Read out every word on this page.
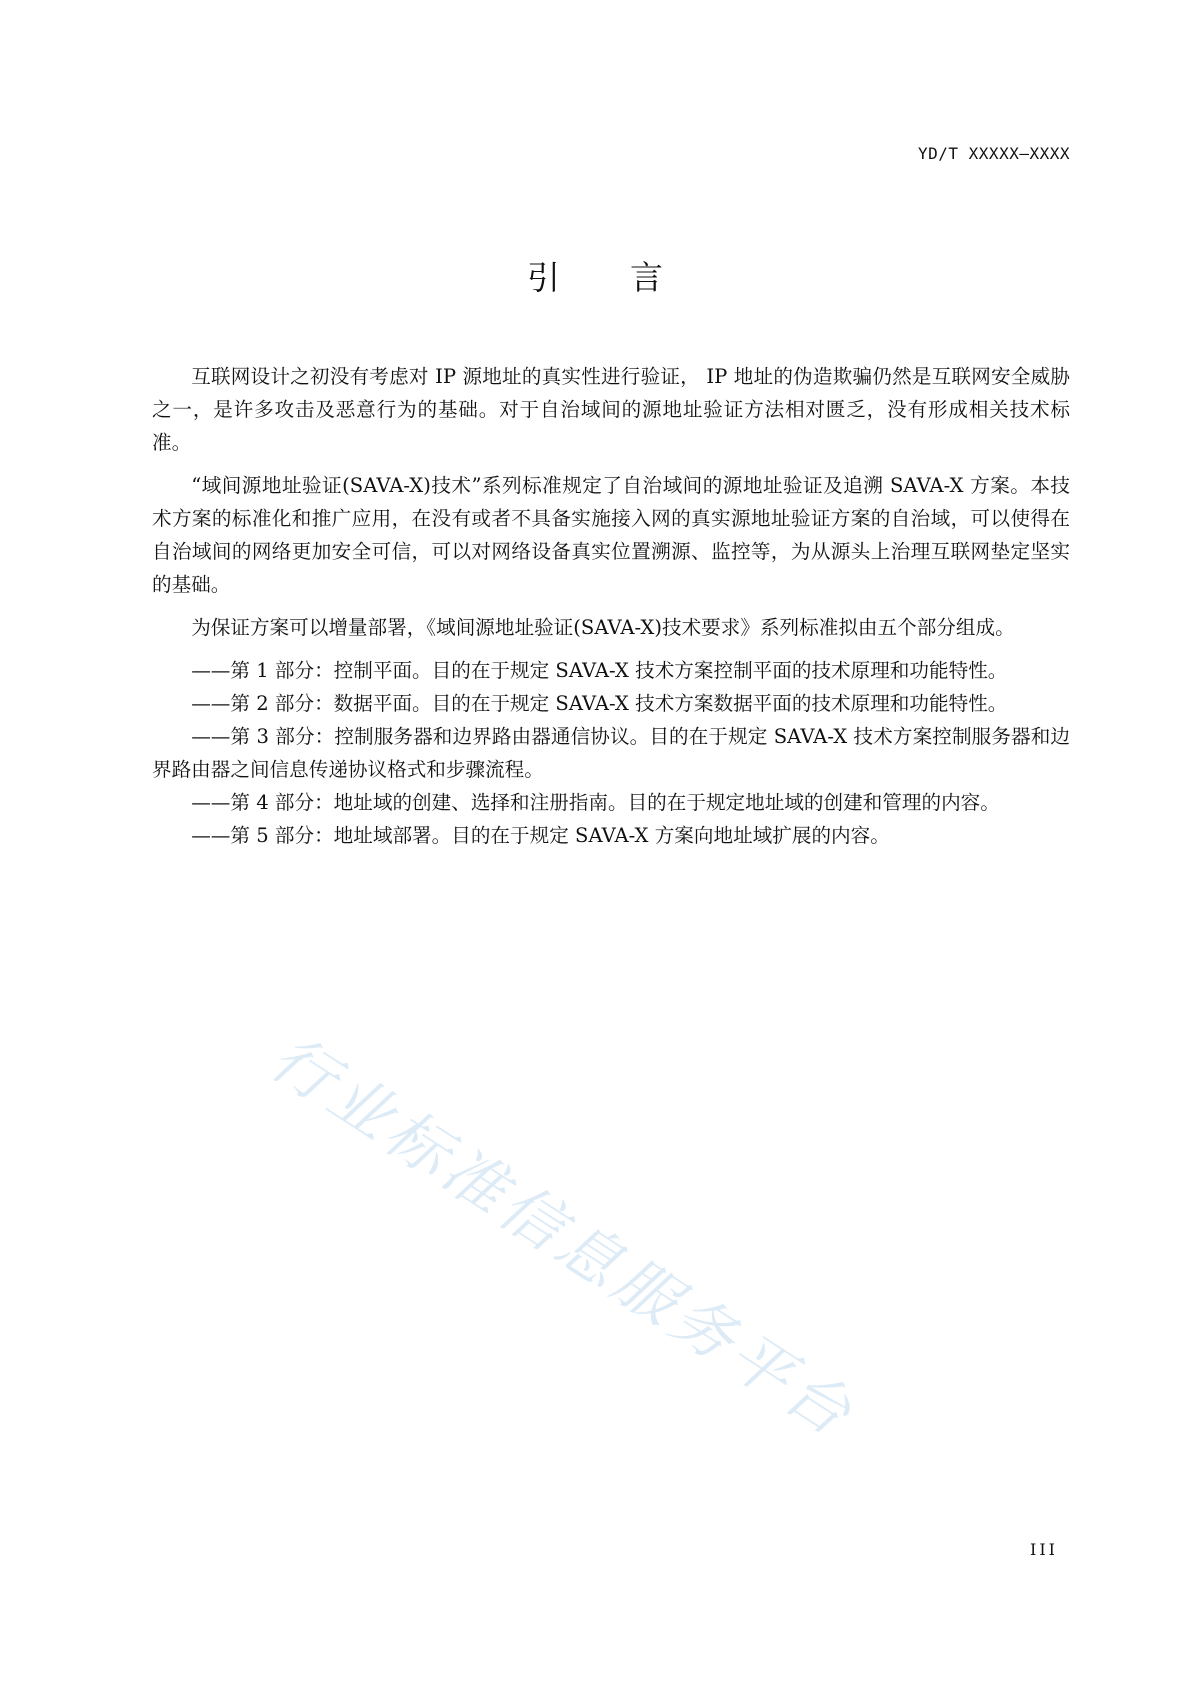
YD/T XXXXX—XXXX
引 言

互联网设计之初没有考虑对 IP 源地址的真实性进行验证， IP 地址的伪造欺骗仍然是互联网安全威胁之一，是许多攻击及恶意行为的基础。对于自治域间的源地址验证方法相对匮乏，没有形成相关技术标准。

“域间源地址验证(SAVA-X)技术”系列标准规定了自治域间的源地址验证及追溯 SAVA-X 方案。本技术方案的标准化和推广应用，在没有或者不具备实施接入网的真实源地址验证方案的自治域，可以使得在自治域间的网络更加安全可信，可以对网络设备真实位置溯源、监控等，为从源头上治理互联网垫定坚实的基础。

为保证方案可以增量部署，《域间源地址验证(SAVA-X)技术要求》系列标准拟由五个部分组成。

——第 1 部分：控制平面。目的在于规定 SAVA-X 技术方案控制平面的技术原理和功能特性。

——第 2 部分：数据平面。目的在于规定 SAVA-X 技术方案数据平面的技术原理和功能特性。

——第 3 部分：控制服务器和边界路由器通信协议。目的在于规定 SAVA-X 技术方案控制服务器和边界路由器之间信息传递协议格式和步骤流程。

——第 4 部分：地址域的创建、选择和注册指南。目的在于规定地址域的创建和管理的内容。

——第 5 部分：地址域部署。目的在于规定 SAVA-X 方案向地址域扩展的内容。

行业标准信息服务平台
III
